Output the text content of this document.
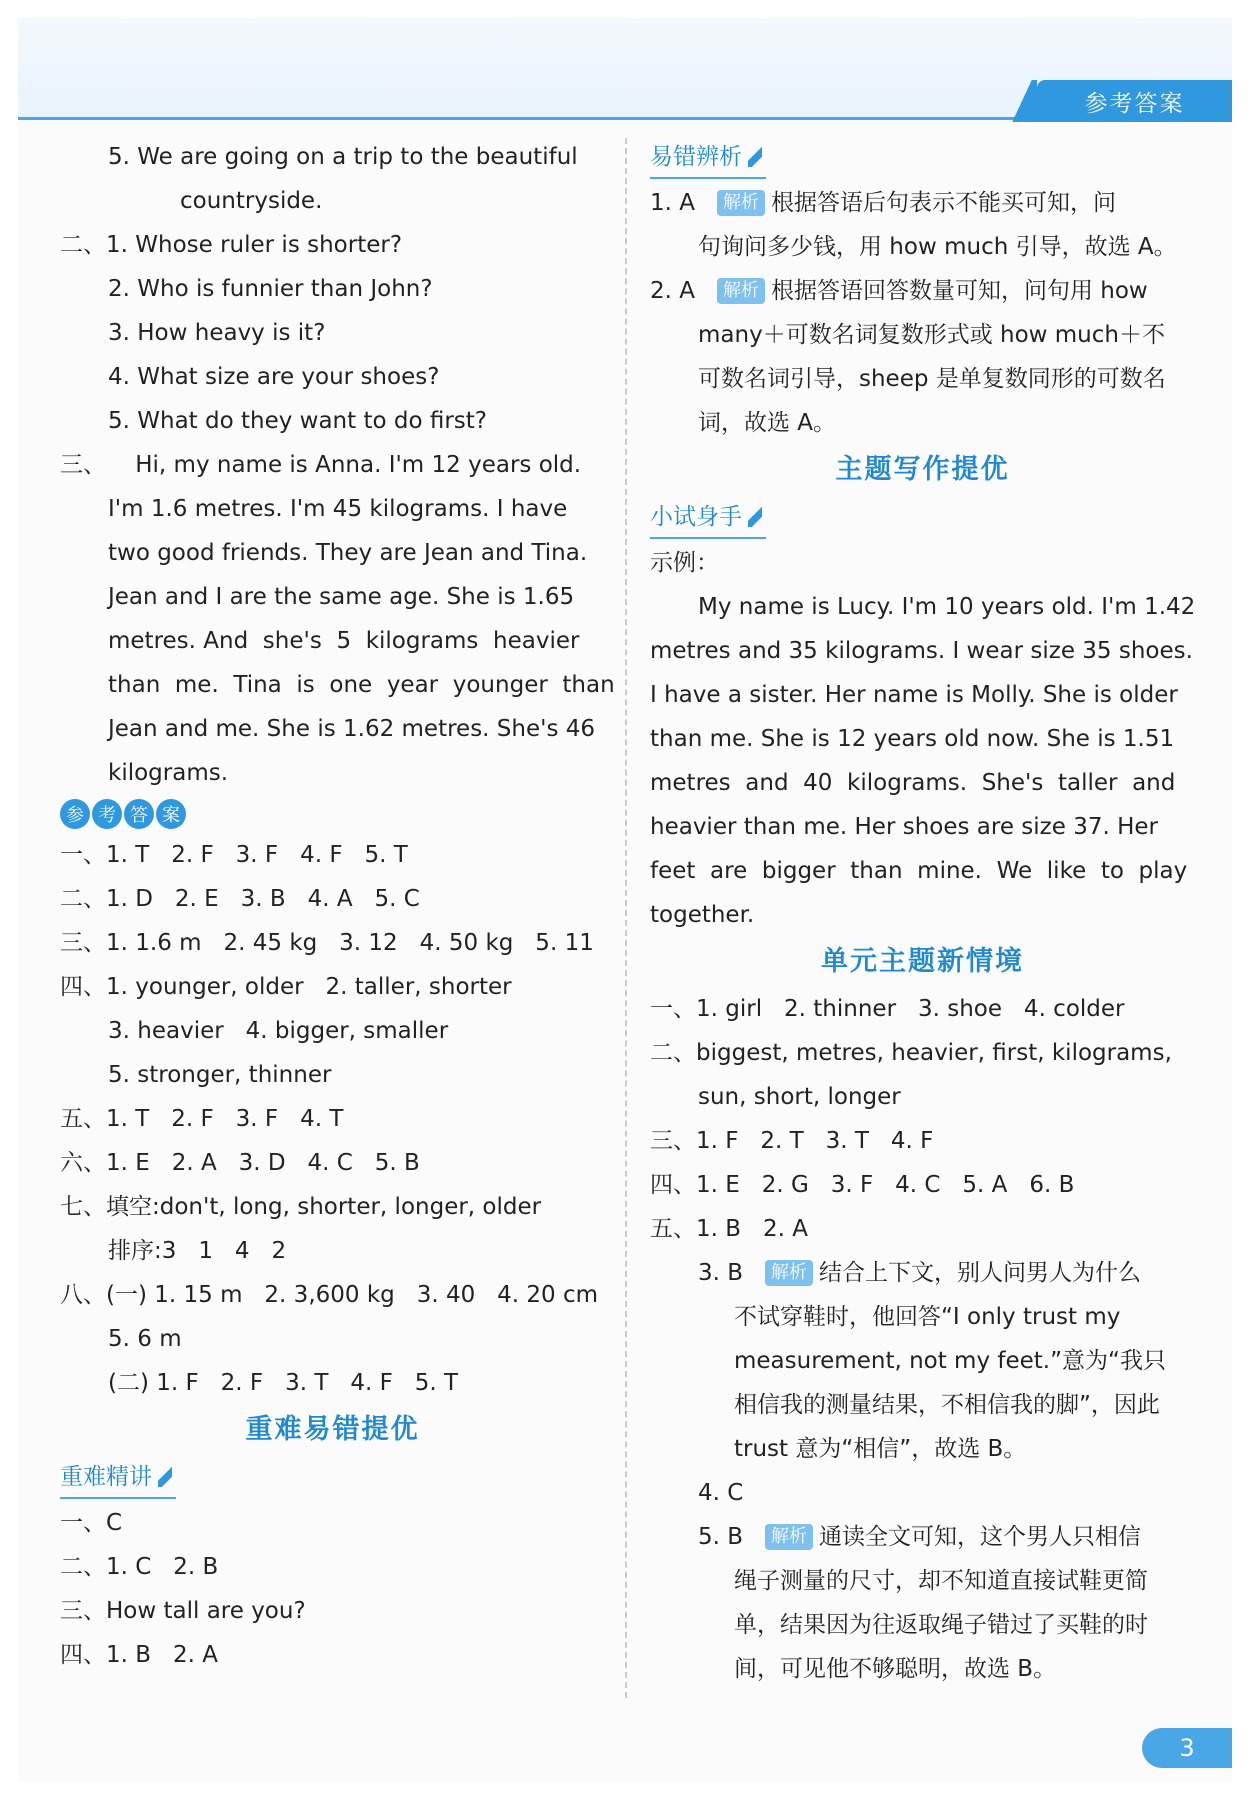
参考答案
5. We are going on a trip to the beautiful
countryside.
二、1. Whose ruler is shorter?
2. Who is funnier than John?
3. How heavy is it?
4. What size are your shoes?
5. What do they want to do first?
三、    Hi, my name is Anna. I'm 12 years old.
I'm 1.6 metres. I'm 45 kilograms. I have
two good friends. They are Jean and Tina.
Jean and I are the same age. She is 1.65
metres. And  she's  5  kilograms  heavier
than  me.  Tina  is  one  year  younger  than
Jean and me. She is 1.62 metres. She's 46
kilograms.
参 考 答 案
一、1. T   2. F   3. F   4. F   5. T
二、1. D   2. E   3. B   4. A   5. C
三、1. 1.6 m   2. 45 kg   3. 12   4. 50 kg   5. 11
四、1. younger, older   2. taller, shorter
3. heavier   4. bigger, smaller
5. stronger, thinner
五、1. T   2. F   3. F   4. T
六、1. E   2. A   3. D   4. C   5. B
七、填空:don't, long, shorter, longer, older
排序:3   1   4   2
八、(一) 1. 15 m   2. 3,600 kg   3. 40   4. 20 cm
5. 6 m
(二) 1. F   2. F   3. T   4. F   5. T
重难易错提优
重难精讲
一、C
二、1. C   2. B
三、How tall are you?
四、1. B   2. A
易错辨析
1. A 解析 根据答语后句表示不能买可知，问
句询问多少钱，用 how much 引导，故选 A。
2. A 解析 根据答语回答数量可知，问句用 how
many＋可数名词复数形式或 how much＋不
可数名词引导，sheep 是单复数同形的可数名
词，故选 A。
主题写作提优
小试身手
示例：
My name is Lucy. I'm 10 years old. I'm 1.42
metres and 35 kilograms. I wear size 35 shoes.
I have a sister. Her name is Molly. She is older
than me. She is 12 years old now. She is 1.51
metres  and  40  kilograms.  She's  taller  and
heavier than me. Her shoes are size 37. Her
feet  are  bigger  than  mine.  We  like  to  play
together.
单元主题新情境
一、1. girl   2. thinner   3. shoe   4. colder
二、biggest, metres, heavier, first, kilograms,
sun, short, longer
三、1. F   2. T   3. T   4. F
四、1. E   2. G   3. F   4. C   5. A   6. B
五、1. B   2. A
3. B 解析 结合上下文，别人问男人为什么
不试穿鞋时，他回答“I only trust my
measurement, not my feet.”意为“我只
相信我的测量结果，不相信我的脚”，因此
trust 意为“相信”，故选 B。
4. C
5. B 解析 通读全文可知，这个男人只相信
绳子测量的尺寸，却不知道直接试鞋更简
单，结果因为往返取绳子错过了买鞋的时
间，可见他不够聪明，故选 B。
3
